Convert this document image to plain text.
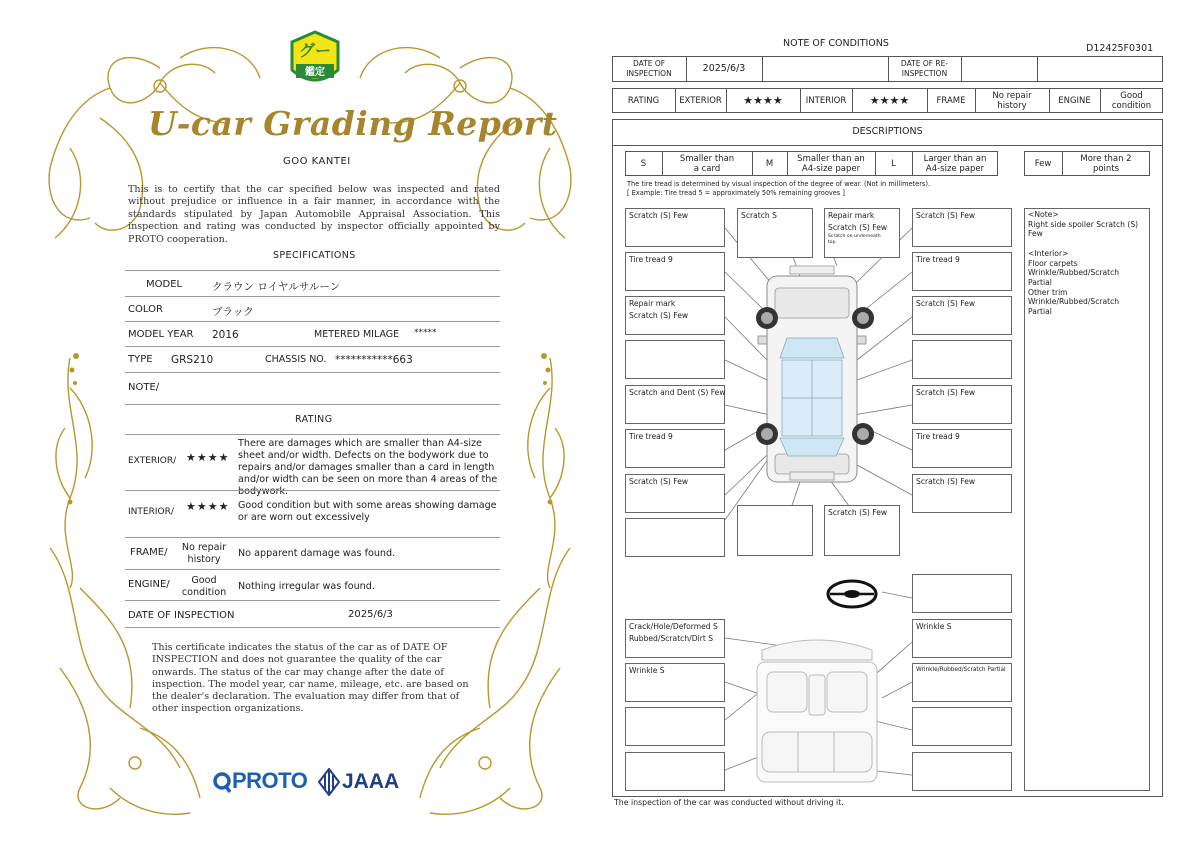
グー
鑑定
U-car Grading Report
GOO KANTEI
This is to certify that the car specified below was inspected and rated without prejudice or influence in a fair manner, in accordance with the standards stipulated by Japan Automobile Appraisal Association. This inspection and rating was conducted by inspector officially appointed by PROTO cooperation.
SPECIFICATIONS
MODEL	クラウン ロイヤルサルーン
COLOR	ブラック
MODEL YEAR 2016	METERED MILAGE *****
TYPE GRS210	CHASSIS NO. ***********663
NOTE/
RATING
EXTERIOR/ ★★★★
There are damages which are smaller than A4-size sheet and/or width. Defects on the bodywork due to repairs and/or damages smaller than a card in length and/or width can be seen on more than 4 areas of the bodywork.
INTERIOR/ ★★★★ Good condition but with some areas showing damage or are worn out excessively
FRAME/	No repair history
No apparent damage was found.
ENGINE/	Good condition
Nothing irregular was found.
DATE OF INSPECTION	2025/6/3
This certificate indicates the status of the car as of DATE OF INSPECTION and does not guarantee the quality of the car onwards. The status of the car may change after the date of inspection. The model year, car name, mileage, etc. are based on the dealer's declaration. The evaluation may differ from that of other inspection organizations.
PROTO JAAA
NOTE OF CONDITIONS	D12425F0301
DATE OF INSPECTION	2025/6/3	DATE OF RE-INSPECTION
RATING	EXTERIOR	★★★★	INTERIOR	★★★★	FRAME	No repair history	ENGINE	Good condition
DESCRIPTIONS
S	Smaller than a card	M	Smaller than an A4-size paper	L	Larger than an A4-size paper	Few	More than 2 points
The tire tread is determined by visual inspection of the degree of wear. (Not in millimeters).
[ Example: Tire tread 5 = approximately 50% remaining grooves ]
Scratch (S) Few
Tire tread 9
Repair mark
Scratch (S) Few
Scratch and Dent (S) Few
Tire tread 9
Scratch (S) Few
Scratch S	Repair mark
Scratch (S) Few
Scratch on underneath
top
Scratch (S) Few
Tire tread 9
Scratch (S) Few
Scratch (S) Few
Tire tread 9
Scratch (S) Few
Scratch (S) Few
Wrinkle S
Wrinkle/Rubbed/Scratch Partial
Crack/Hole/Deformed S
Rubbed/Scratch/Dirt S
Wrinkle S
<Note>
Right side spoiler Scratch (S)
Few
<Interior>
Floor carpets
Wrinkle/Rubbed/Scratch
Partial
Other trim
Wrinkle/Rubbed/Scratch
Partial
The inspection of the car was conducted without driving it.
